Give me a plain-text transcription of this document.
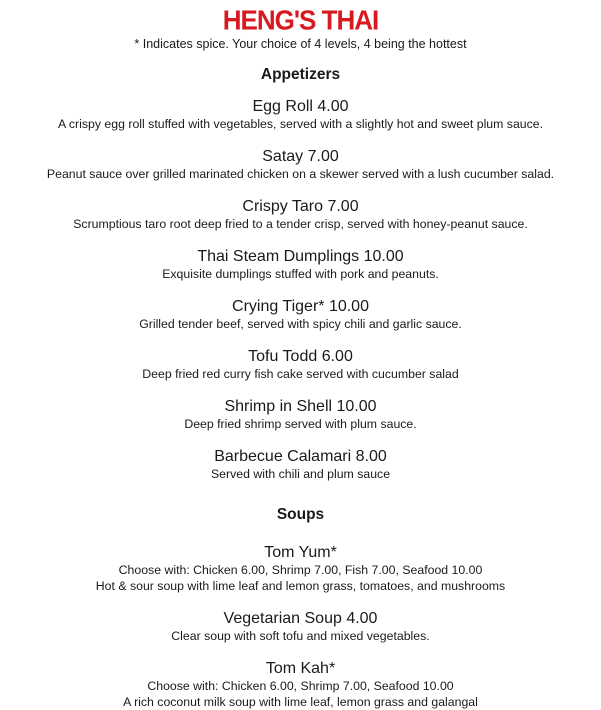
HENG'S THAI
* Indicates spice. Your choice of 4 levels, 4 being the hottest
Appetizers
Egg Roll 4.00
A crispy egg roll stuffed with vegetables, served with a slightly hot and sweet plum sauce.
Satay 7.00
Peanut sauce over grilled marinated chicken on a skewer served with a lush cucumber salad.
Crispy Taro 7.00
Scrumptious taro root deep fried to a tender crisp, served with honey-peanut sauce.
Thai Steam Dumplings 10.00
Exquisite dumplings stuffed with pork and peanuts.
Crying Tiger* 10.00
Grilled tender beef, served with spicy chili and garlic sauce.
Tofu Todd 6.00
Deep fried red curry fish cake served with cucumber salad
Shrimp in Shell 10.00
Deep fried shrimp served with plum sauce.
Barbecue Calamari 8.00
Served with chili and plum sauce
Soups
Tom Yum*
Choose with: Chicken 6.00, Shrimp 7.00, Fish 7.00, Seafood 10.00
Hot & sour soup with lime leaf and lemon grass, tomatoes, and mushrooms
Vegetarian Soup 4.00
Clear soup with soft tofu and mixed vegetables.
Tom Kah*
Choose with: Chicken 6.00, Shrimp 7.00, Seafood 10.00
A rich coconut milk soup with lime leaf, lemon grass and galangal
